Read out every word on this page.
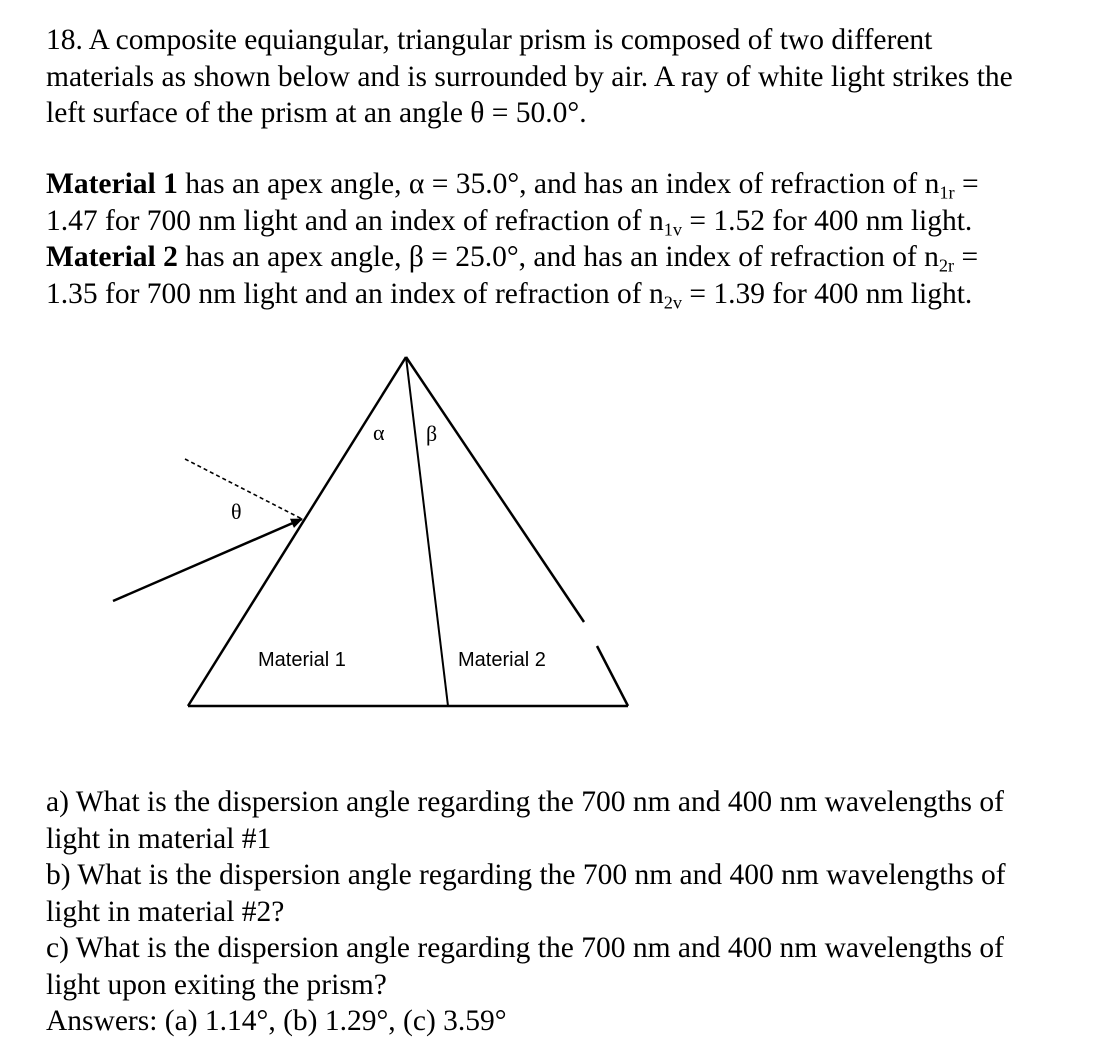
18. A composite equiangular, triangular prism is composed of two different
materials as shown below and is surrounded by air. A ray of white light strikes the
left surface of the prism at an angle θ = 50.0°.
Material 1 has an apex angle, α = 35.0°, and has an index of refraction of $n_{1r}$ =
1.47 for 700 nm light and an index of refraction of $n_{1v} = 1.52$ for 400 nm light.
Material 2 has an apex angle, β = 25.0°, and has an index of refraction of $n_{2r}$ =
1.35 for 700 nm light and an index of refraction of $n_{2v} = 1.39$ for 400 nm light.
α β
θ
Material 1	Material 2
a) What is the dispersion angle regarding the 700 nm and 400 nm wavelengths of
light in material #1
b) What is the dispersion angle regarding the 700 nm and 400 nm wavelengths of
light in material #2?
c) What is the dispersion angle regarding the 700 nm and 400 nm wavelengths of
light upon exiting the prism?
Answers: (a) 1.14°, (b) 1.29°, (c) 3.59°
